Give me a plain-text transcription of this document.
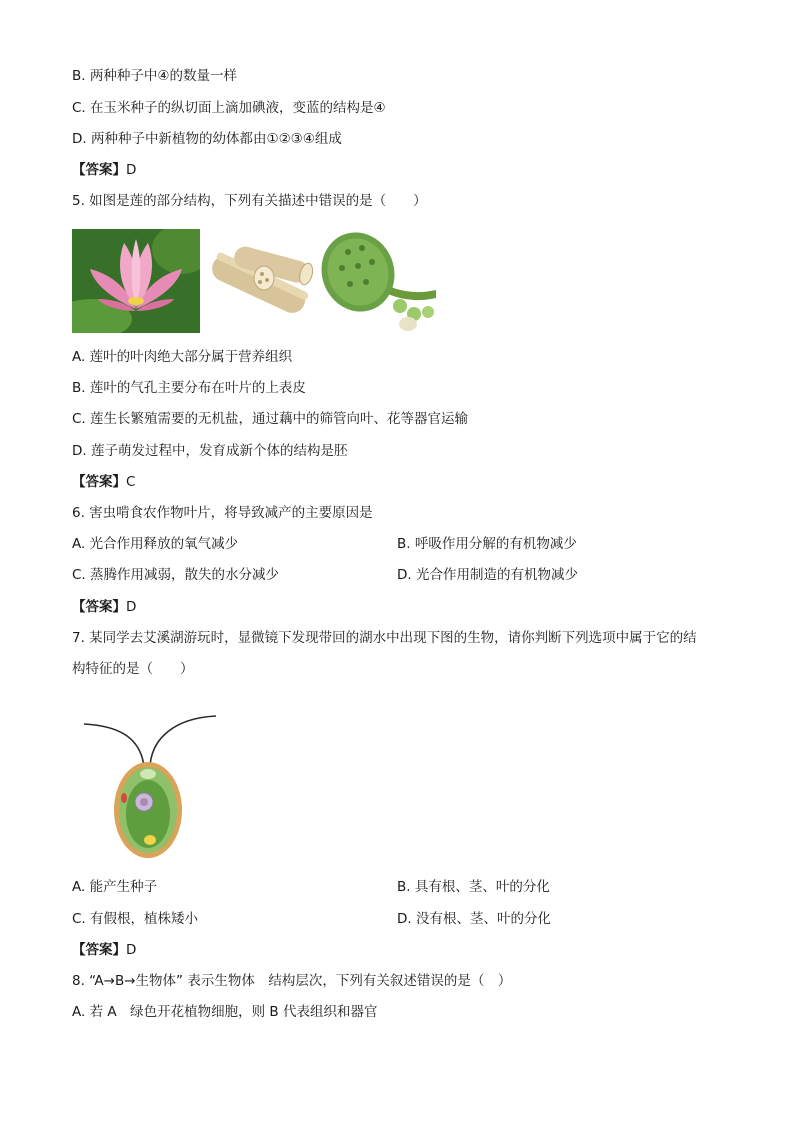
B. 两种种子中④的数量一样
C. 在玉米种子的纵切面上滴加碘液，变蓝的结构是④
D. 两种种子中新植物的幼体都由①②③④组成
【答案】D
5. 如图是莲的部分结构，下列有关描述中错误的是（　　）
A. 莲叶的叶肉绝大部分属于营养组织
B. 莲叶的气孔主要分布在叶片的上表皮
C. 莲生长繁殖需要的无机盐，通过藕中的筛管向叶、花等器官运输
D. 莲子萌发过程中，发育成新个体的结构是胚
【答案】C
6. 害虫啃食农作物叶片，将导致减产的主要原因是
A. 光合作用释放的氧气减少	B. 呼吸作用分解的有机物减少
C. 蒸腾作用减弱，散失的水分减少	D. 光合作用制造的有机物减少
【答案】D
7. 某同学去艾溪湖游玩时，显微镜下发现带回的湖水中出现下图的生物，请你判断下列选项中属于它的结
构特征的是（　　）
A. 能产生种子	B. 具有根、茎、叶的分化
C. 有假根，植株矮小	D. 没有根、茎、叶的分化
【答案】D
8. “A→B→生物体” 表示生物体　结构层次，下列有关叙述错误的是（　）
A. 若 A　绿色开花植物细胞，则 B 代表组织和器官
